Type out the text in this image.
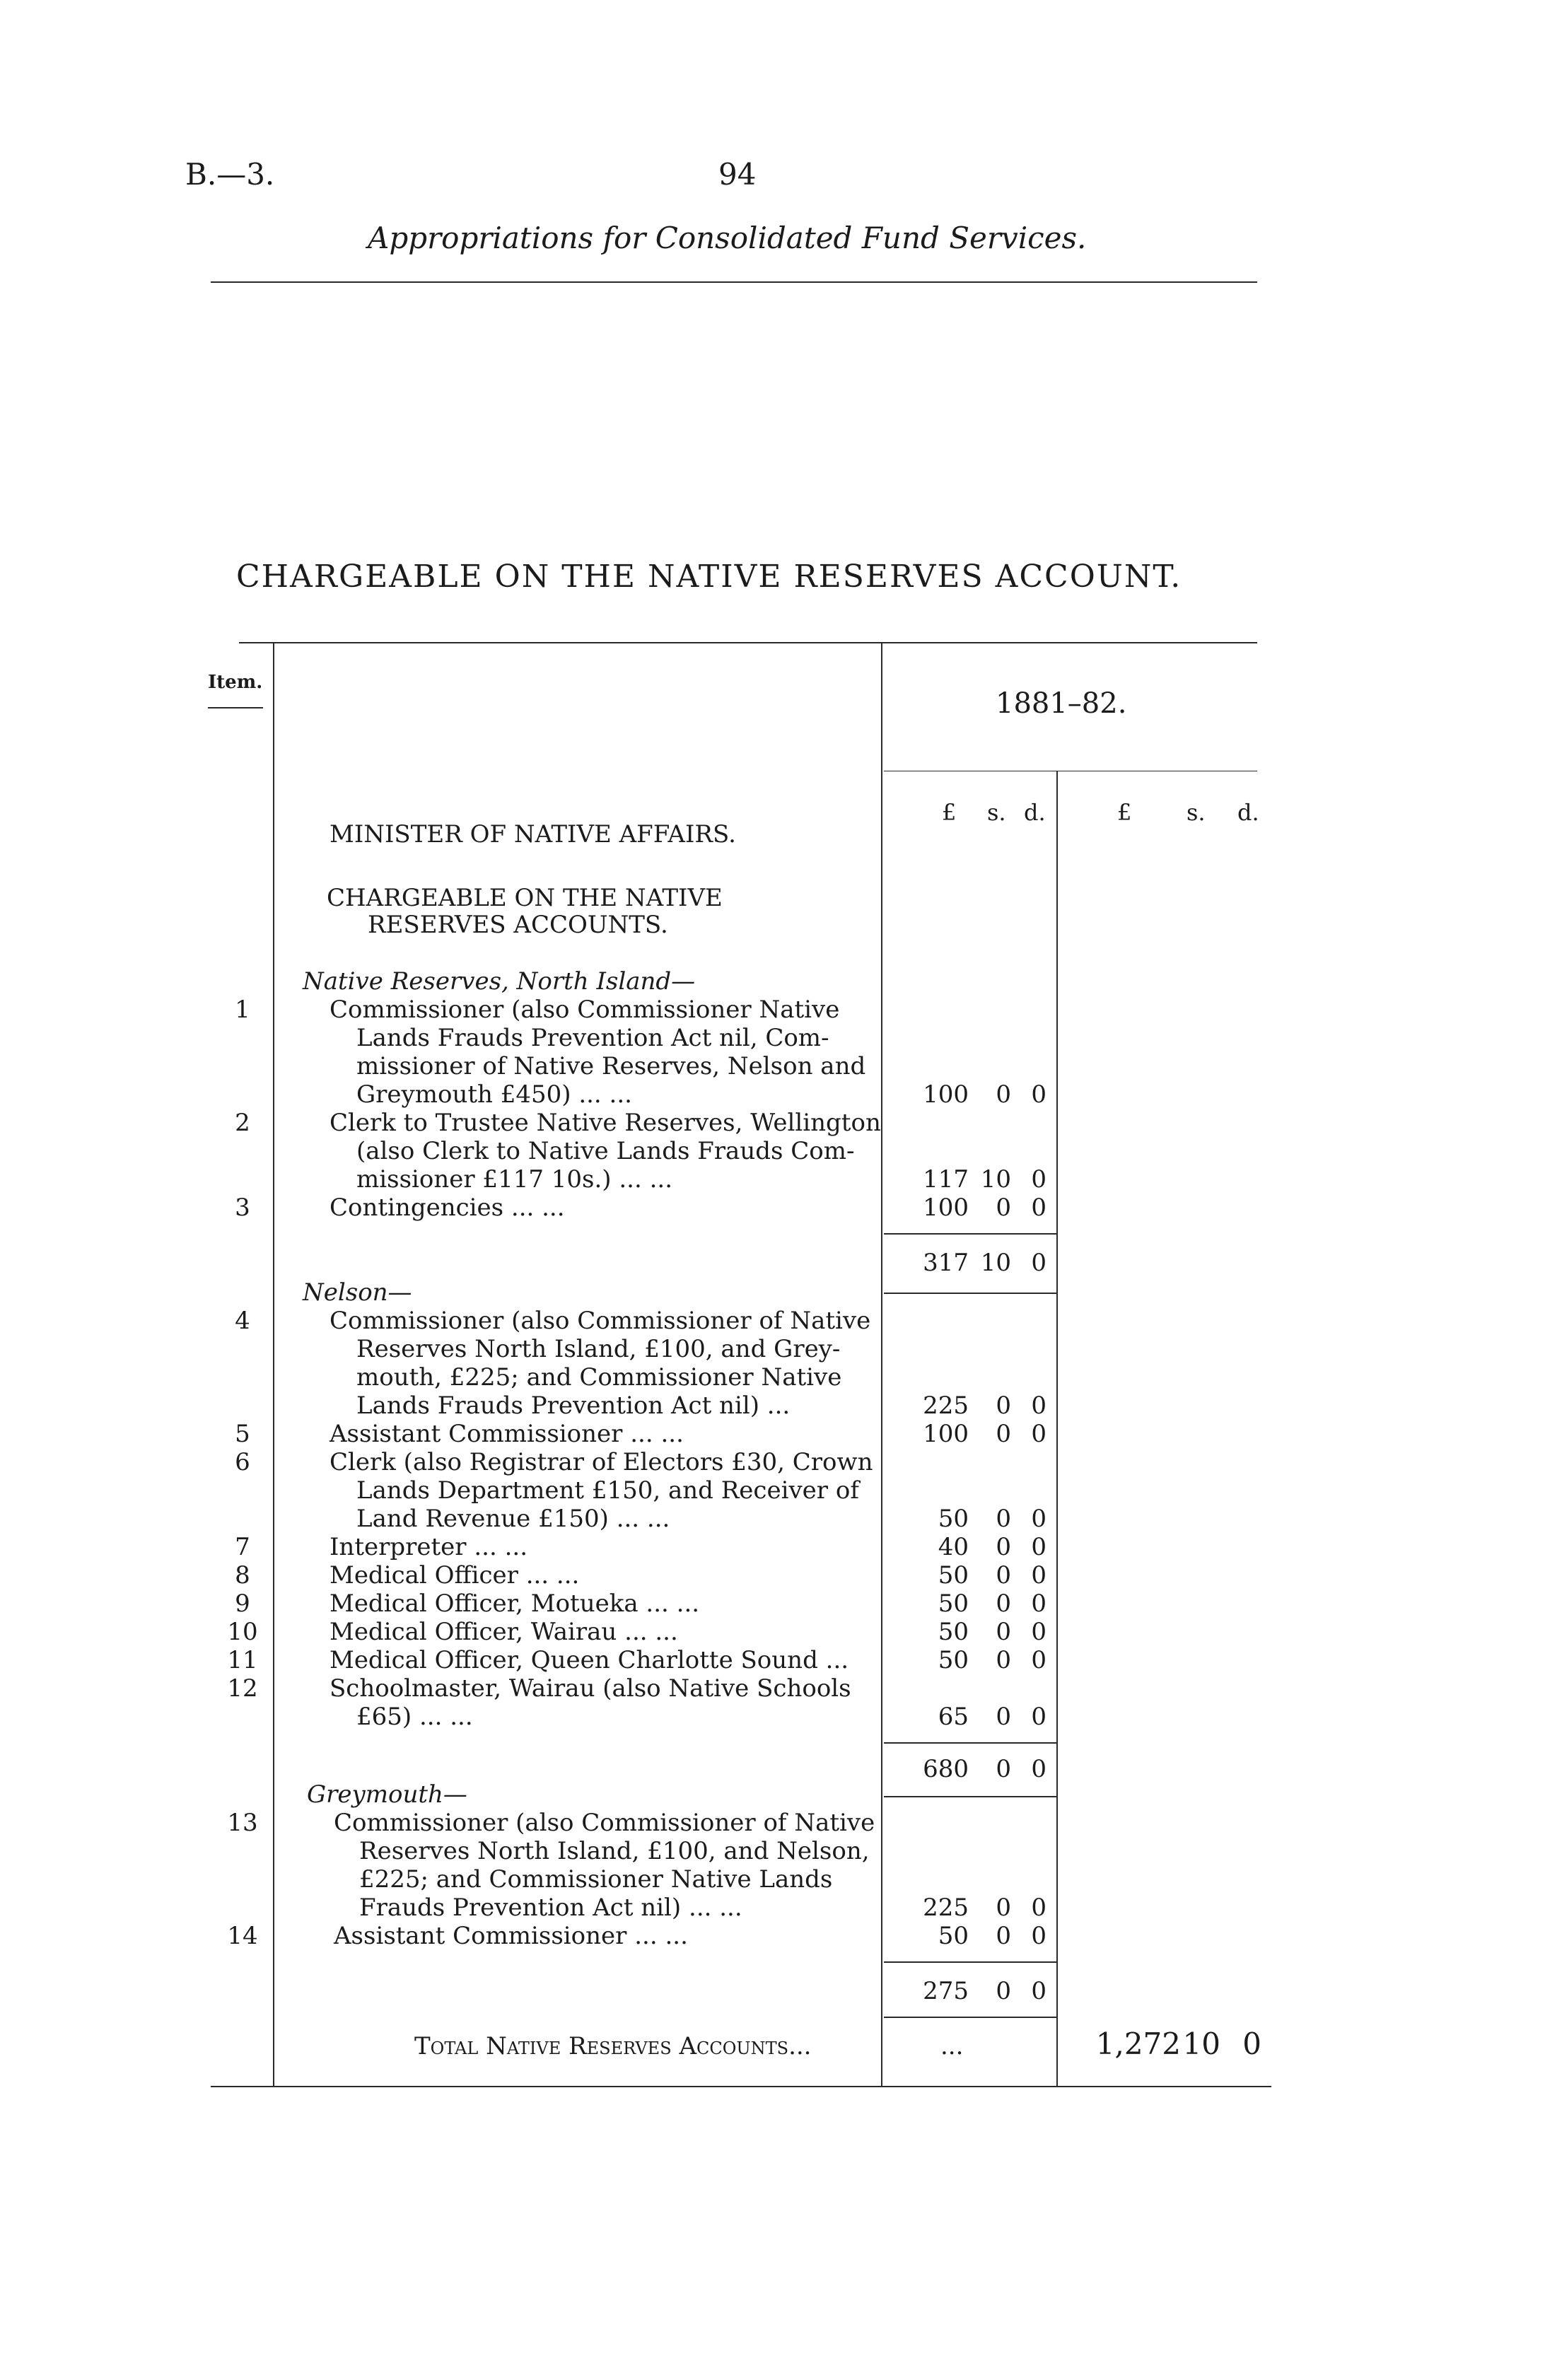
B.—3.	94
Appropriations for Consolidated Fund Services.
CHARGEABLE ON THE NATIVE RESERVES ACCOUNT.
Item.
1881–82.
£ s. d.	£ s. d.
MINISTER OF NATIVE AFFAIRS.
CHARGEABLE ON THE NATIVE
RESERVES ACCOUNTS.
Native Reserves, North Island—
1	Commissioner (also Commissioner Native
Lands Frauds Prevention Act nil, Com-
missioner of Native Reserves, Nelson and
Greymouth £450) ... ...	100	0 0
2	Clerk to Trustee Native Reserves, Wellington
(also Clerk to Native Lands Frauds Com-
missioner £117 10s.) ... ...	117 10 0
3	Contingencies ... ...	100	0 0
317 10 0
Nelson—
4	Commissioner (also Commissioner of Native
Reserves North Island, £100, and Grey-
mouth, £225; and Commissioner Native
Lands Frauds Prevention Act nil) ...	225	0 0
5	Assistant Commissioner ... ...	100	0 0
6	Clerk (also Registrar of Electors £30, Crown
Lands Department £150, and Receiver of
Land Revenue £150) ... ...	50	0 0
7	Interpreter ... ...	40	0 0
8	Medical Officer ... ...	50	0 0
9	Medical Officer, Motueka ... ...	50	0 0
10	Medical Officer, Wairau ... ...	50	0 0
11	Medical Officer, Queen Charlotte Sound ...	50	0 0
12	Schoolmaster, Wairau (also Native Schools
£65) ... ...	65	0 0
680	0 0
Greymouth—
13	Commissioner (also Commissioner of Native
Reserves North Island, £100, and Nelson,
£225; and Commissioner Native Lands
Frauds Prevention Act nil) ... ...	225	0 0
14	Assistant Commissioner ... ...	50	0 0
275	0 0
Total Native Reserves Accounts...	...	1,272 10 0
